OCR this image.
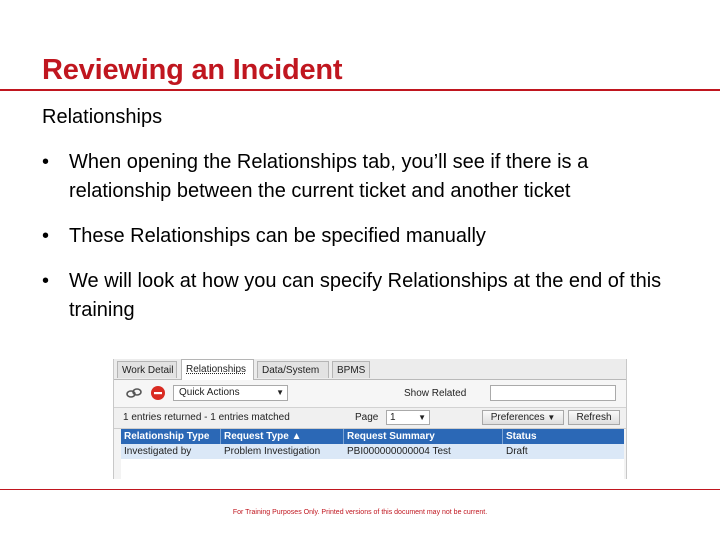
Reviewing an Incident
Relationships
• When opening the Relationships tab, you’ll see if there is a relationship between the current ticket and another ticket
• These Relationships can be specified manually
• We will look at how you can specify Relationships at the end of this training
Work Detail	Relationships	Data/System	BPMS
Quick Actions	▼	Show Related
1 entries returned - 1 entries matched	Page	1	▼	Preferences ▼	Refresh
Relationship Type	Request Type ▲	Request Summary	Status
Investigated by	Problem Investigation	PBI000000000004 Test	Draft
For Training Purposes Only. Printed versions of this document may not be current.
